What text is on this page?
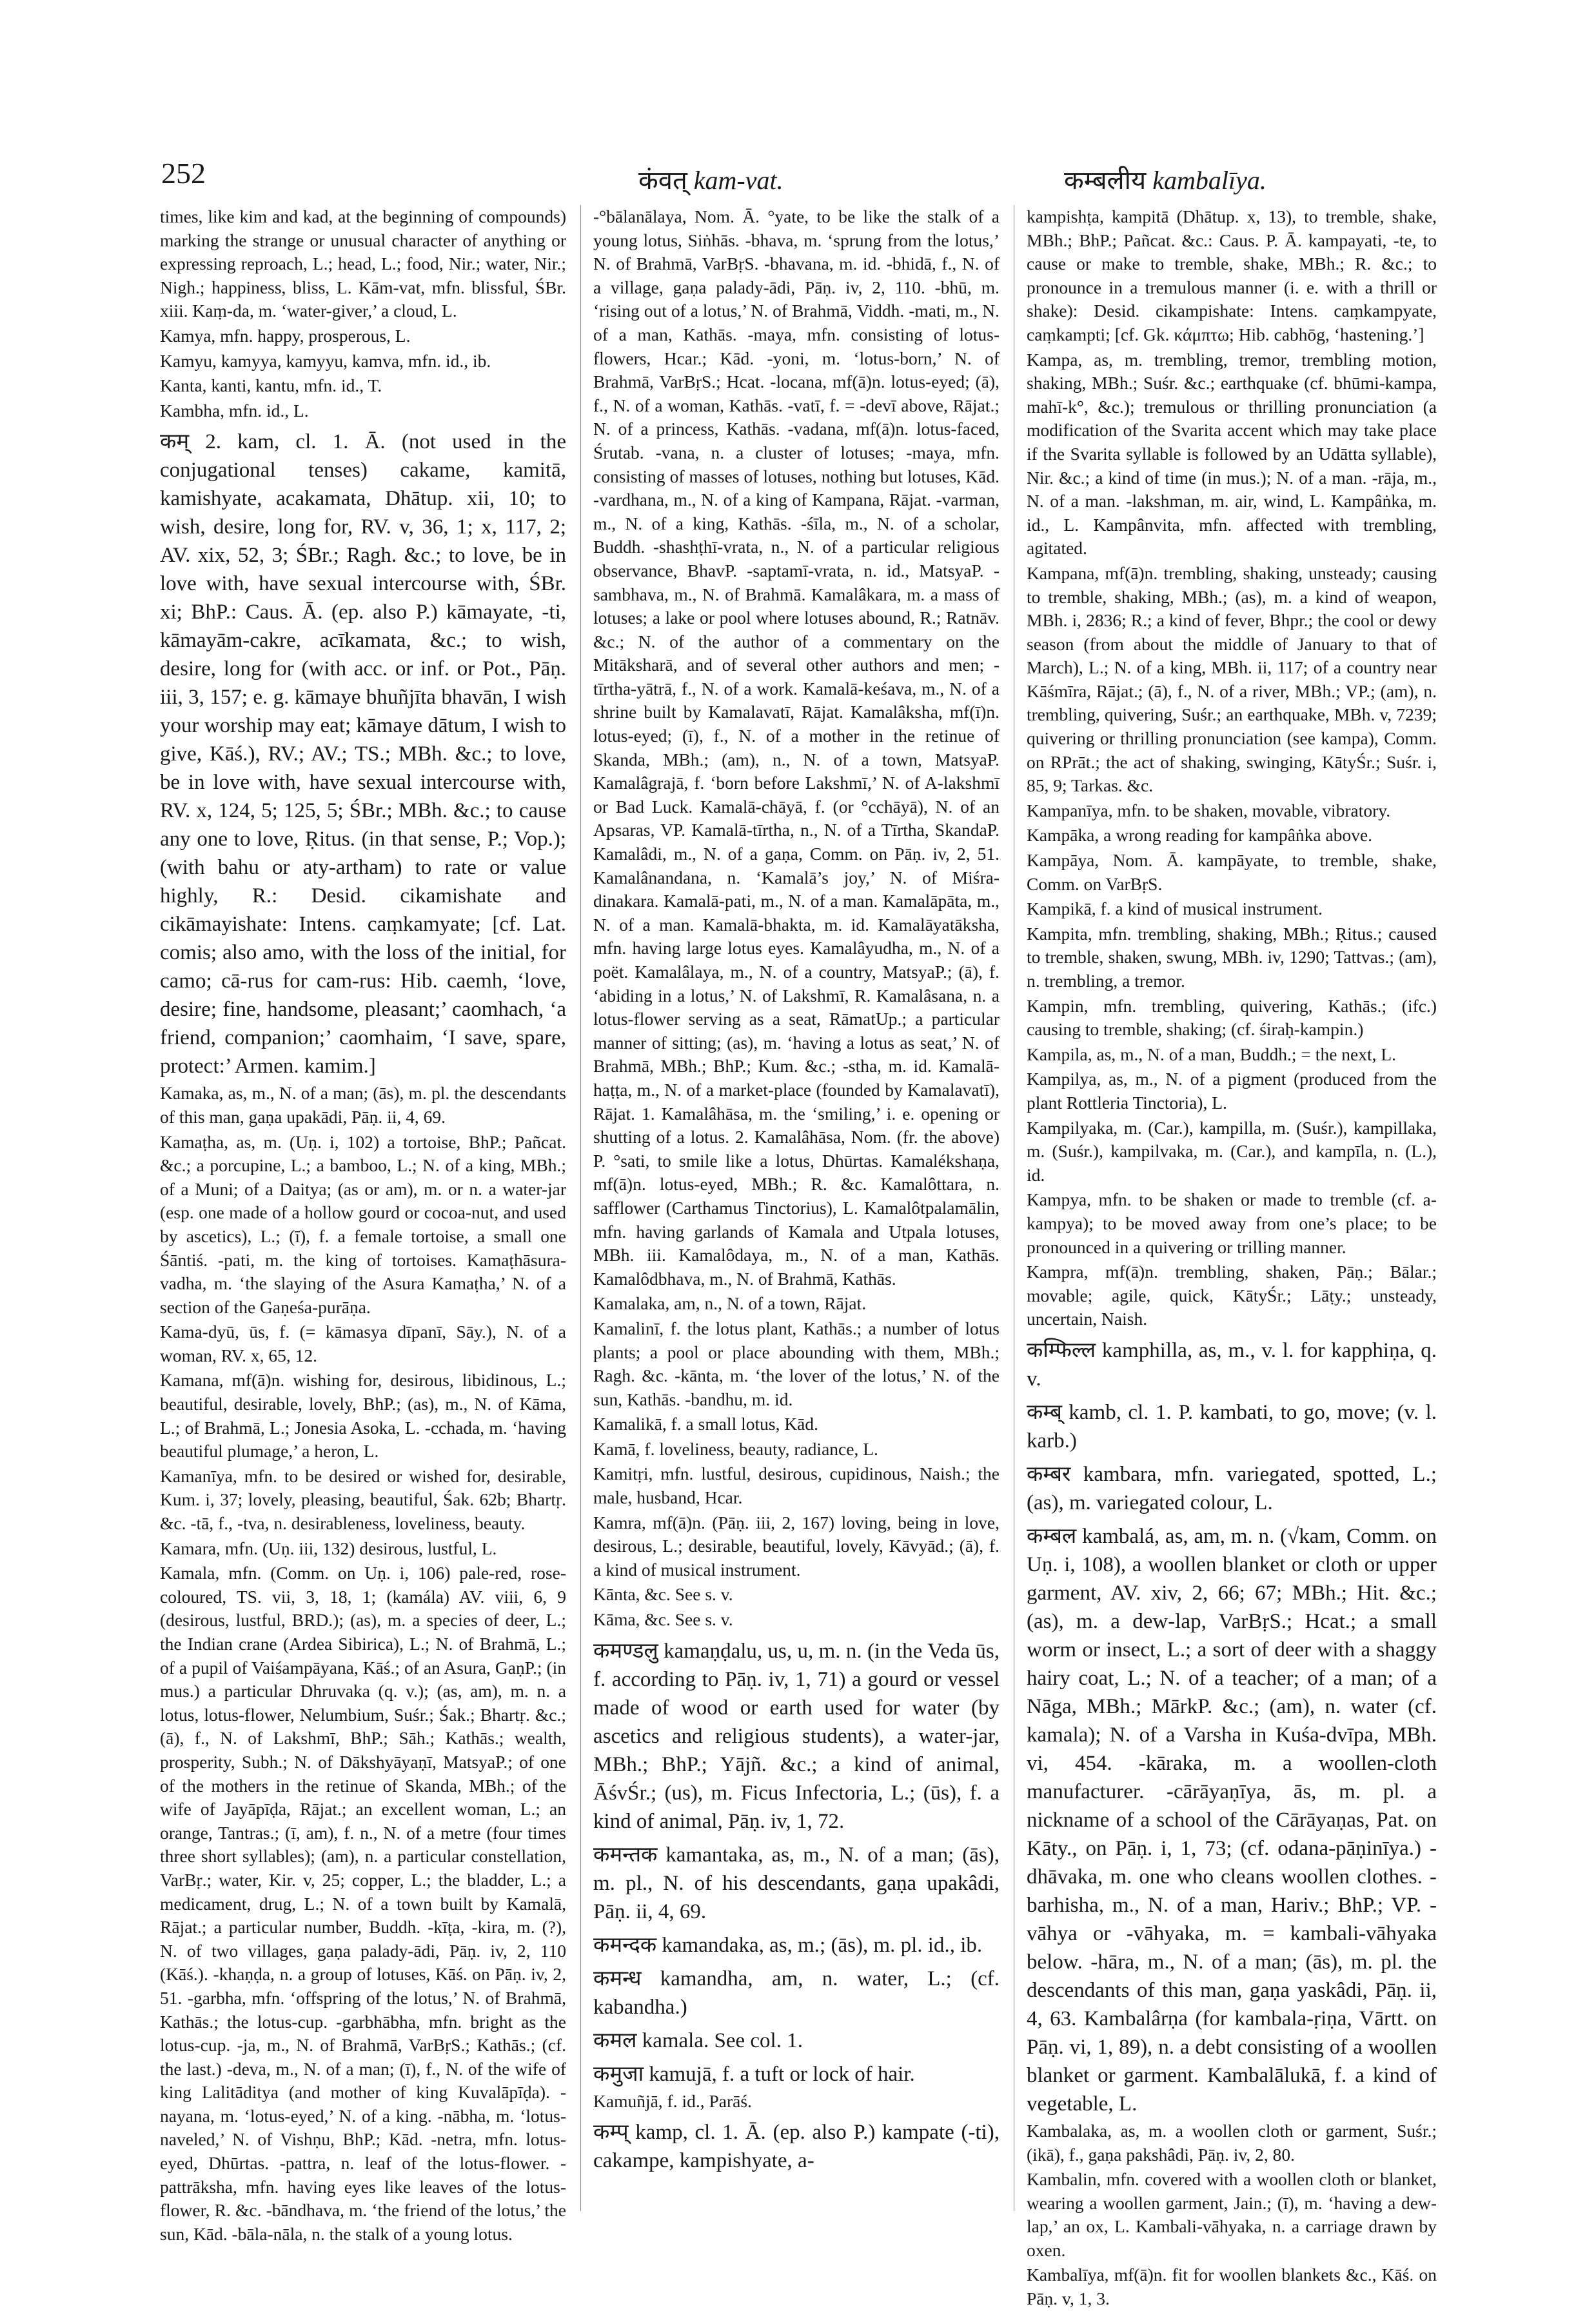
252	कंवत् kam-vat.	कम्बलीय kambalīya.

times, like kim and kad, at the beginning of compounds) marking the strange or unusual character of anything or expressing reproach, L.; head, L.; food, Nir.; water, Nir.; Nigh.; happiness, bliss, L. Kām-vat, mfn. blissful, ŚBr. xiii. Kaṃ-da, m. ‘water-giver,’ a cloud, L.

Kamya, mfn. happy, prosperous, L.

Kamyu, kamyya, kamyyu, kamva, mfn. id., ib.

Kanta, kanti, kantu, mfn. id., T.

Kambha, mfn. id., L.

कम् 2. kam, cl. 1. Ā. (not used in the conjugational tenses) cakame, kamitā, kamishyate, acakamata, Dhātup. xii, 10; to wish, desire, long for, RV. v, 36, 1; x, 117, 2; AV. xix, 52, 3; ŚBr.; Ragh. &c.; to love, be in love with, have sexual intercourse with, ŚBr. xi; BhP.: Caus. Ā. (ep. also P.) kāmayate, -ti, kāmayām-cakre, acīkamata, &c.; to wish, desire, long for (with acc. or inf. or Pot., Pāṇ. iii, 3, 157; e. g. kāmaye bhuñjīta bhavān, I wish your worship may eat; kāmaye dātum, I wish to give, Kāś.), RV.; AV.; TS.; MBh. &c.; to love, be in love with, have sexual intercourse with, RV. x, 124, 5; 125, 5; ŚBr.; MBh. &c.; to cause any one to love, Ṛitus. (in that sense, P.; Vop.); (with bahu or aty-artham) to rate or value highly, R.: Desid. cikamishate and cikāmayishate: Intens. caṃkamyate; [cf. Lat. comis; also amo, with the loss of the initial, for camo; cā-rus for cam-rus: Hib. caemh, ‘love, desire; fine, handsome, pleasant;’ caomhach, ‘a friend, companion;’ caomhaim, ‘I save, spare, protect:’ Armen. kamim.]

Kamaka, as, m., N. of a man; (ās), m. pl. the descendants of this man, gaṇa upakādi, Pāṇ. ii, 4, 69.

Kamaṭha, as, m. (Uṇ. i, 102) a tortoise, BhP.; Pañcat. &c.; a porcupine, L.; a bamboo, L.; N. of a king, MBh.; of a Muni; of a Daitya; (as or am), m. or n. a water-jar (esp. one made of a hollow gourd or cocoa-nut, and used by ascetics), L.; (ī), f. a female tortoise, a small one Śāntiś. -pati, m. the king of tortoises. Kamaṭhāsura-vadha, m. ‘the slaying of the Asura Kamaṭha,’ N. of a section of the Gaṇeśa-purāṇa.

Kama-dyū, ūs, f. (= kāmasya dīpanī, Sāy.), N. of a woman, RV. x, 65, 12.

Kamana, mf(ā)n. wishing for, desirous, libidinous, L.; beautiful, desirable, lovely, BhP.; (as), m., N. of Kāma, L.; of Brahmā, L.; Jonesia Asoka, L. -cchada, m. ‘having beautiful plumage,’ a heron, L.

Kamanīya, mfn. to be desired or wished for, desirable, Kum. i, 37; lovely, pleasing, beautiful, Śak. 62b; Bhartṛ. &c. -tā, f., -tva, n. desirableness, loveliness, beauty.

Kamara, mfn. (Uṇ. iii, 132) desirous, lustful, L.

Kamala, mfn. (Comm. on Uṇ. i, 106) pale-red, rose-coloured, TS. vii, 3, 18, 1; (kamála) AV. viii, 6, 9 (desirous, lustful, BRD.); (as), m. a species of deer, L.; the Indian crane (Ardea Sibirica), L.; N. of Brahmā, L.; of a pupil of Vaiśampāyana, Kāś.; of an Asura, GaṇP.; (in mus.) a particular Dhruvaka (q. v.); (as, am), m. n. a lotus, lotus-flower, Nelumbium, Suśr.; Śak.; Bhartṛ. &c.; (ā), f., N. of Lakshmī, BhP.; Sāh.; Kathās.; wealth, prosperity, Subh.; N. of Dākshyāyaṇī, MatsyaP.; of one of the mothers in the retinue of Skanda, MBh.; of the wife of Jayāpīḍa, Rājat.; an excellent woman, L.; an orange, Tantras.; (ī, am), f. n., N. of a metre (four times three short syllables); (am), n. a particular constellation, VarBṛ.; water, Kir. v, 25; copper, L.; the bladder, L.; a medicament, drug, L.; N. of a town built by Kamalā, Rājat.; a particular number, Buddh. -kīṭa, -kira, m. (?), N. of two villages, gaṇa palady-ādi, Pāṇ. iv, 2, 110 (Kāś.). -khaṇḍa, n. a group of lotuses, Kāś. on Pāṇ. iv, 2, 51. -garbha, mfn. ‘offspring of the lotus,’ N. of Brahmā, Kathās.; the lotus-cup. -garbhābha, mfn. bright as the lotus-cup. -ja, m., N. of Brahmā, VarBṛS.; Kathās.; (cf. the last.) -deva, m., N. of a man; (ī), f., N. of the wife of king Lalitāditya (and mother of king Kuvalāpīḍa). -nayana, m. ‘lotus-eyed,’ N. of a king. -nābha, m. ‘lotus-naveled,’ N. of Vishṇu, BhP.; Kād. -netra, mfn. lotus-eyed, Dhūrtas. -pattra, n. leaf of the lotus-flower. -pattrāksha, mfn. having eyes like leaves of the lotus-flower, R. &c. -bāndhava, m. ‘the friend of the lotus,’ the sun, Kād. -bāla-nāla, n. the stalk of a young lotus.

-°bālanālaya, Nom. Ā. °yate, to be like the stalk of a young lotus, Siṅhās. -bhava, m. ‘sprung from the lotus,’ N. of Brahmā, VarBṛS. -bhavana, m. id. -bhidā, f., N. of a village, gaṇa palady-ādi, Pāṇ. iv, 2, 110. -bhū, m. ‘rising out of a lotus,’ N. of Brahmā, Viddh. -mati, m., N. of a man, Kathās. -maya, mfn. consisting of lotus-flowers, Hcar.; Kād. -yoni, m. ‘lotus-born,’ N. of Brahmā, VarBṛS.; Hcat. -locana, mf(ā)n. lotus-eyed; (ā), f., N. of a woman, Kathās. -vatī, f. = -devī above, Rājat.; N. of a princess, Kathās. -vadana, mf(ā)n. lotus-faced, Śrutab. -vana, n. a cluster of lotuses; -maya, mfn. consisting of masses of lotuses, nothing but lotuses, Kād. -vardhana, m., N. of a king of Kampana, Rājat. -varman, m., N. of a king, Kathās. -śīla, m., N. of a scholar, Buddh. -shashṭhī-vrata, n., N. of a particular religious observance, BhavP. -saptamī-vrata, n. id., MatsyaP. -sambhava, m., N. of Brahmā. Kamalâkara, m. a mass of lotuses; a lake or pool where lotuses abound, R.; Ratnāv. &c.; N. of the author of a commentary on the Mitāksharā, and of several other authors and men; -tīrtha-yātrā, f., N. of a work. Kamalā-keśava, m., N. of a shrine built by Kamalavatī, Rājat. Kamalâksha, mf(ī)n. lotus-eyed; (ī), f., N. of a mother in the retinue of Skanda, MBh.; (am), n., N. of a town, MatsyaP. Kamalâgrajā, f. ‘born before Lakshmī,’ N. of A-lakshmī or Bad Luck. Kamalā-chāyā, f. (or °cchāyā), N. of an Apsaras, VP. Kamalā-tīrtha, n., N. of a Tīrtha, SkandaP. Kamalâdi, m., N. of a gaṇa, Comm. on Pāṇ. iv, 2, 51. Kamalânandana, n. ‘Kamalā’s joy,’ N. of Miśra-dinakara. Kamalā-pati, m., N. of a man. Kamalāpāta, m., N. of a man. Kamalā-bhakta, m. id. Kamalāyatāksha, mfn. having large lotus eyes. Kamalâyudha, m., N. of a poët. Kamalâlaya, m., N. of a country, MatsyaP.; (ā), f. ‘abiding in a lotus,’ N. of Lakshmī, R. Kamalâsana, n. a lotus-flower serving as a seat, RāmatUp.; a particular manner of sitting; (as), m. ‘having a lotus as seat,’ N. of Brahmā, MBh.; BhP.; Kum. &c.; -stha, m. id. Kamalā-haṭṭa, m., N. of a market-place (founded by Kamalavatī), Rājat. 1. Kamalâhāsa, m. the ‘smiling,’ i. e. opening or shutting of a lotus. 2. Kamalâhāsa, Nom. (fr. the above) P. °sati, to smile like a lotus, Dhūrtas. Kamalékshaṇa, mf(ā)n. lotus-eyed, MBh.; R. &c. Kamalôttara, n. safflower (Carthamus Tinctorius), L. Kamalôtpalamālin, mfn. having garlands of Kamala and Utpala lotuses, MBh. iii. Kamalôdaya, m., N. of a man, Kathās. Kamalôdbhava, m., N. of Brahmā, Kathās.

Kamalaka, am, n., N. of a town, Rājat.

Kamalinī, f. the lotus plant, Kathās.; a number of lotus plants; a pool or place abounding with them, MBh.; Ragh. &c. -kānta, m. ‘the lover of the lotus,’ N. of the sun, Kathās. -bandhu, m. id.

Kamalikā, f. a small lotus, Kād.

Kamā, f. loveliness, beauty, radiance, L.

Kamitṛi, mfn. lustful, desirous, cupidinous, Naish.; the male, husband, Hcar.

Kamra, mf(ā)n. (Pāṇ. iii, 2, 167) loving, being in love, desirous, L.; desirable, beautiful, lovely, Kāvyād.; (ā), f. a kind of musical instrument.

Kānta, &c. See s. v.

Kāma, &c. See s. v.

कमण्डलु kamaṇḍalu, us, u, m. n. (in the Veda ūs, f. according to Pāṇ. iv, 1, 71) a gourd or vessel made of wood or earth used for water (by ascetics and religious students), a water-jar, MBh.; BhP.; Yājñ. &c.; a kind of animal, ĀśvŚr.; (us), m. Ficus Infectoria, L.; (ūs), f. a kind of animal, Pāṇ. iv, 1, 72.

कमन्तक kamantaka, as, m., N. of a man; (ās), m. pl., N. of his descendants, gaṇa upakâdi, Pāṇ. ii, 4, 69.

कमन्दक kamandaka, as, m.; (ās), m. pl. id., ib.

कमन्ध kamandha, am, n. water, L.; (cf. kabandha.)

कमल kamala. See col. 1.

कमुजा kamujā, f. a tuft or lock of hair.

Kamuñjā, f. id., Parāś.

कम्प् kamp, cl. 1. Ā. (ep. also P.) kampate (-ti), cakampe, kampishyate, a-

kampishṭa, kampitā (Dhātup. x, 13), to tremble, shake, MBh.; BhP.; Pañcat. &c.: Caus. P. Ā. kampayati, -te, to cause or make to tremble, shake, MBh.; R. &c.; to pronounce in a tremulous manner (i. e. with a thrill or shake): Desid. cikampishate: Intens. caṃkampyate, caṃkampti; [cf. Gk. κάμπτω; Hib. cabhōg, ‘hastening.’]

Kampa, as, m. trembling, tremor, trembling motion, shaking, MBh.; Suśr. &c.; earthquake (cf. bhūmi-kampa, mahī-k°, &c.); tremulous or thrilling pronunciation (a modification of the Svarita accent which may take place if the Svarita syllable is followed by an Udātta syllable), Nir. &c.; a kind of time (in mus.); N. of a man. -rāja, m., N. of a man. -lakshman, m. air, wind, L. Kampâṅka, m. id., L. Kampânvita, mfn. affected with trembling, agitated.

Kampana, mf(ā)n. trembling, shaking, unsteady; causing to tremble, shaking, MBh.; (as), m. a kind of weapon, MBh. i, 2836; R.; a kind of fever, Bhpr.; the cool or dewy season (from about the middle of January to that of March), L.; N. of a king, MBh. ii, 117; of a country near Kāśmīra, Rājat.; (ā), f., N. of a river, MBh.; VP.; (am), n. trembling, quivering, Suśr.; an earthquake, MBh. v, 7239; quivering or thrilling pronunciation (see kampa), Comm. on RPrāt.; the act of shaking, swinging, KātyŚr.; Suśr. i, 85, 9; Tarkas. &c.

Kampanīya, mfn. to be shaken, movable, vibratory.

Kampāka, a wrong reading for kampâṅka above.

Kampāya, Nom. Ā. kampāyate, to tremble, shake, Comm. on VarBṛS.

Kampikā, f. a kind of musical instrument.

Kampita, mfn. trembling, shaking, MBh.; Ṛitus.; caused to tremble, shaken, swung, MBh. iv, 1290; Tattvas.; (am), n. trembling, a tremor.

Kampin, mfn. trembling, quivering, Kathās.; (ifc.) causing to tremble, shaking; (cf. śiraḥ-kampin.)

Kampila, as, m., N. of a man, Buddh.; = the next, L.

Kampilya, as, m., N. of a pigment (produced from the plant Rottleria Tinctoria), L.

Kampilyaka, m. (Car.), kampilla, m. (Suśr.), kampillaka, m. (Suśr.), kampilvaka, m. (Car.), and kampīla, n. (L.), id.

Kampya, mfn. to be shaken or made to tremble (cf. a-kampya); to be moved away from one’s place; to be pronounced in a quivering or trilling manner.

Kampra, mf(ā)n. trembling, shaken, Pāṇ.; Bālar.; movable; agile, quick, KātyŚr.; Lāṭy.; unsteady, uncertain, Naish.

कम्फिल्ल kamphilla, as, m., v. l. for kapphiṇa, q. v.

कम्ब् kamb, cl. 1. P. kambati, to go, move; (v. l. karb.)

कम्बर kambara, mfn. variegated, spotted, L.; (as), m. variegated colour, L.

कम्बल kambalá, as, am, m. n. (√kam, Comm. on Uṇ. i, 108), a woollen blanket or cloth or upper garment, AV. xiv, 2, 66; 67; MBh.; Hit. &c.; (as), m. a dew-lap, VarBṛS.; Hcat.; a small worm or insect, L.; a sort of deer with a shaggy hairy coat, L.; N. of a teacher; of a man; of a Nāga, MBh.; MārkP. &c.; (am), n. water (cf. kamala); N. of a Varsha in Kuśa-dvīpa, MBh. vi, 454. -kāraka, m. a woollen-cloth manufacturer. -cārāyaṇīya, ās, m. pl. a nickname of a school of the Cārāyaṇas, Pat. on Kāty., on Pāṇ. i, 1, 73; (cf. odana-pāṇinīya.) -dhāvaka, m. one who cleans woollen clothes. -barhisha, m., N. of a man, Hariv.; BhP.; VP. -vāhya or -vāhyaka, m. = kambali-vāhyaka below. -hāra, m., N. of a man; (ās), m. pl. the descendants of this man, gaṇa yaskâdi, Pāṇ. ii, 4, 63. Kambalârṇa (for kambala-ṛiṇa, Vārtt. on Pāṇ. vi, 1, 89), n. a debt consisting of a woollen blanket or garment. Kambalālukā, f. a kind of vegetable, L.

Kambalaka, as, m. a woollen cloth or garment, Suśr.; (ikā), f., gaṇa pakshâdi, Pāṇ. iv, 2, 80.

Kambalin, mfn. covered with a woollen cloth or blanket, wearing a woollen garment, Jain.; (ī), m. ‘having a dew-lap,’ an ox, L. Kambali-vāhyaka, n. a carriage drawn by oxen.

Kambalīya, mf(ā)n. fit for woollen blankets &c., Kāś. on Pāṇ. v, 1, 3.
